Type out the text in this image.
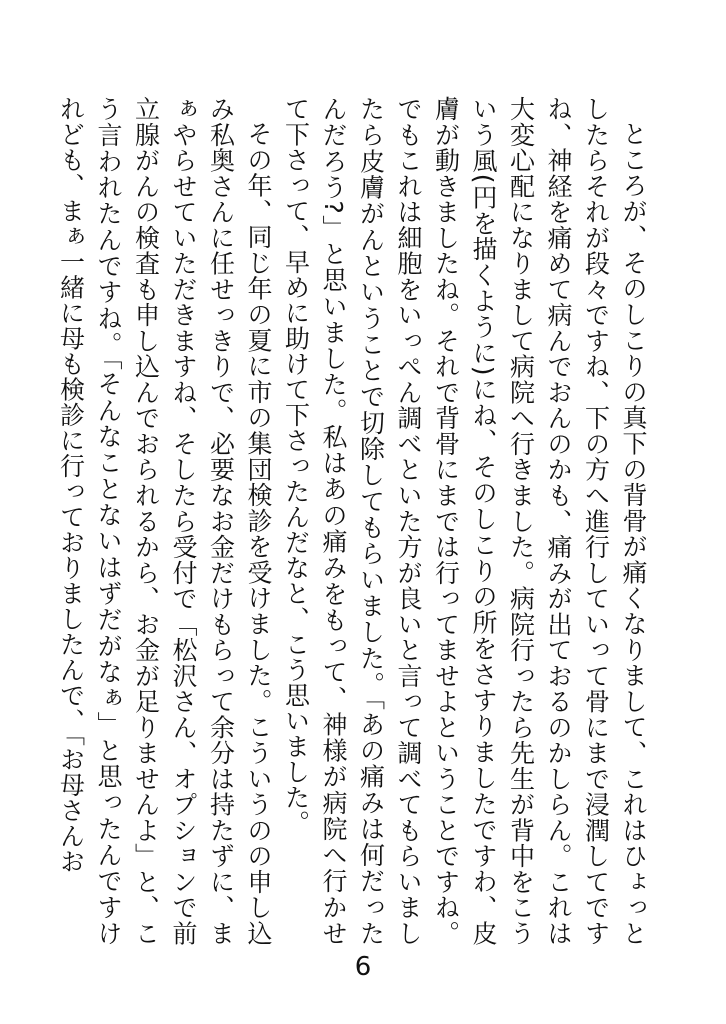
ところが、そのしこりの真下の背骨が痛くなりまして、これはひょっとしたらそれが段々ですね、下の方へ進行していって骨にまで浸潤してですね、神経を痛めて病んでおんのかも、痛みが出ておるのかしらん。これは大変心配になりまして病院へ行きました。病院行ったら先生が背中をこういう風(円を描くように)にね、そのしこりの所をさすりましたですわ、皮膚が動きましたね。それで背骨にまでは行ってませよということですね。でもこれは細胞をいっぺん調べといた方が良いと言って調べてもらいましたら皮膚がんということで切除してもらいました。「あの痛みは何だったんだろう?」と思いました。私はあの痛みをもって、神様が病院へ行かせて下さって、早めに助けて下さったんだなと、こう思いました。

その年、同じ年の夏に市の集団検診を受けました。こういうのの申し込み私奥さんに任せっきりで、必要なお金だけもらって余分は持たずに、まぁやらせていただきますね、そしたら受付で「松沢さん、オプションで前立腺がんの検査も申し込んでおられるから、お金が足りませんよ」と、こう言われたんですね。「そんなことないはずだがなぁ」と思ったんですけれども、まぁ一緒に母も検診に行っておりましたんで、「お母さんお

6
